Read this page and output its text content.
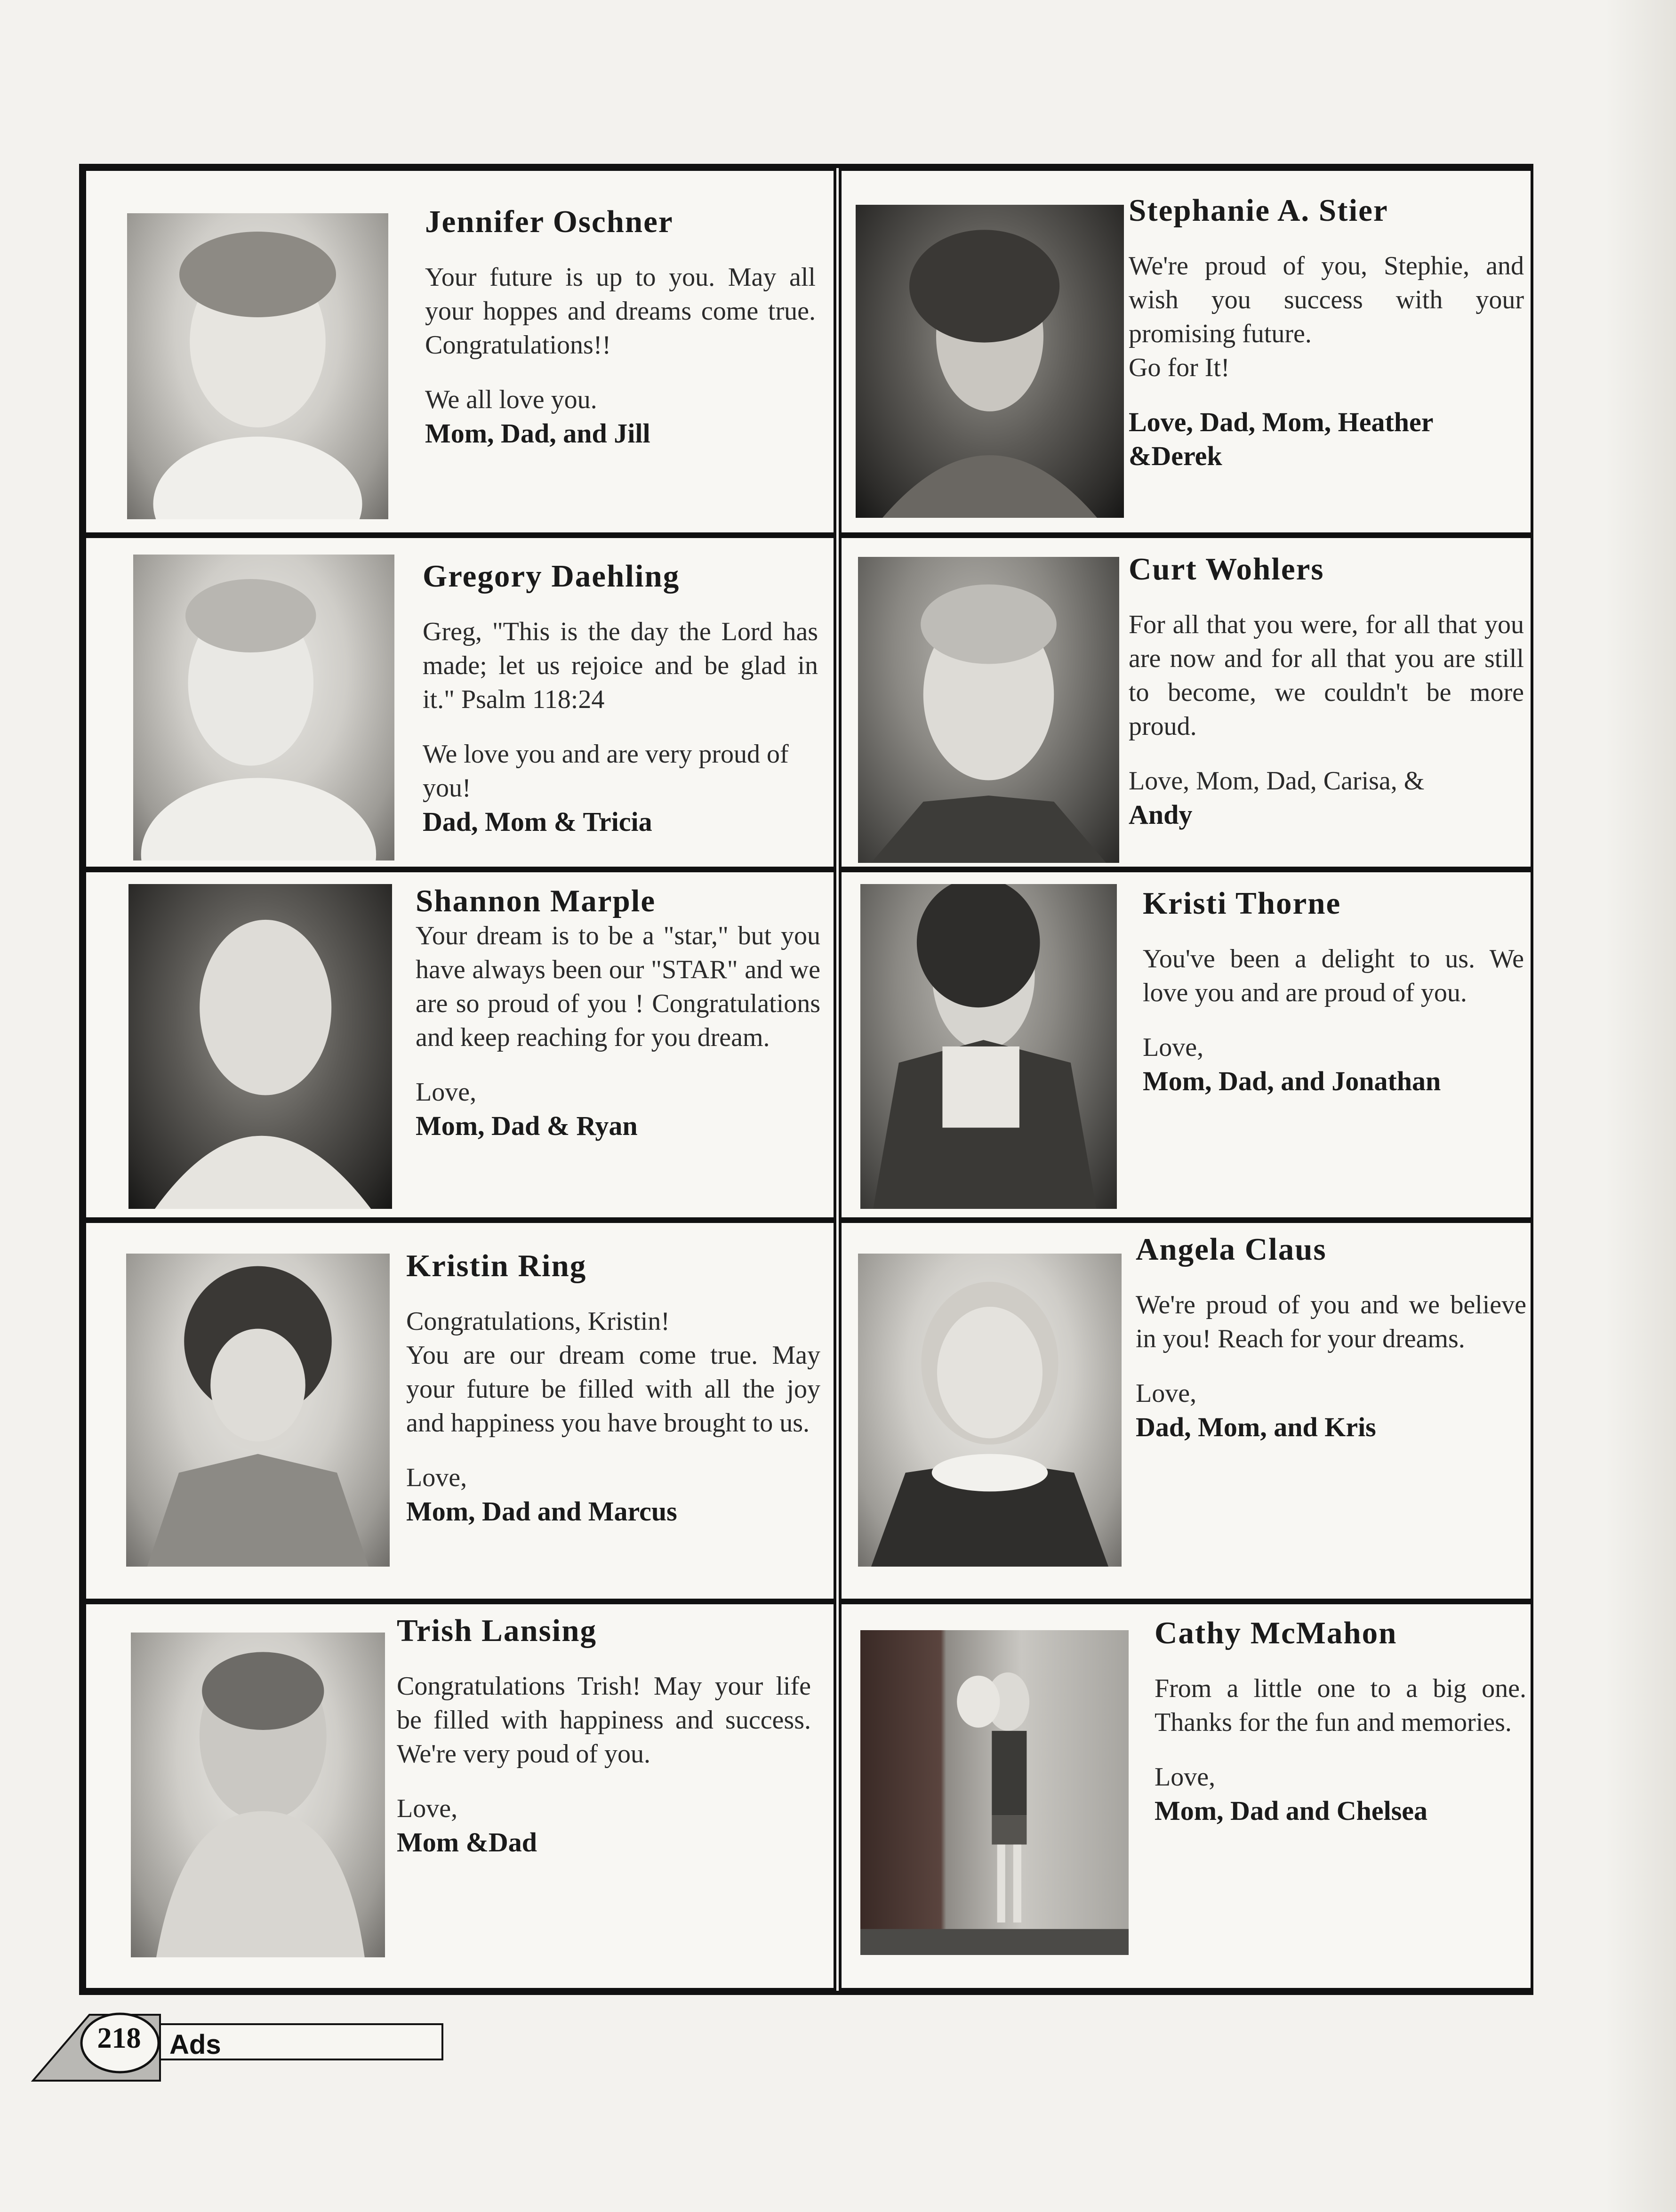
Jennifer Oschner

Your future is up to you. May all your hoppes and dreams come true. Congratulations!!

We all love you.

Mom, Dad, and Jill

Stephanie A. Stier

We're proud of you, Stephie, and wish you success with your promising future.
Go for It!

Love, Dad, Mom, Heather &Derek

Gregory Daehling

Greg, "This is the day the Lord has made; let us rejoice and be glad in it." Psalm 118:24

We love you and are very proud of you!

Dad, Mom & Tricia

Curt Wohlers

For all that you were, for all that you are now and for all that you are still to become, we couldn't be more proud.

Love, Mom, Dad, Carisa, &

Andy

Shannon Marple

Your dream is to be a "star," but you have always been our "STAR" and we are so proud of you ! Congratulations and keep reaching for you dream.

Love,

Mom, Dad & Ryan

Kristi Thorne

You've been a delight to us. We love you and are proud of you.

Love,

Mom, Dad, and Jonathan

Kristin Ring

Congratulations, Kristin!
You are our dream come true. May your future be filled with all the joy and happiness you have brought to us.

Love,

Mom, Dad and Marcus

Angela Claus

We're proud of you and we believe in you! Reach for your dreams.

Love,

Dad, Mom, and Kris

Trish Lansing

Congratulations Trish! May your life be filled with happiness and success. We're very poud of you.

Love,

Mom &Dad

Cathy McMahon

From a little one to a big one. Thanks for the fun and memories.

Love,

Mom, Dad and Chelsea

218	Ads
